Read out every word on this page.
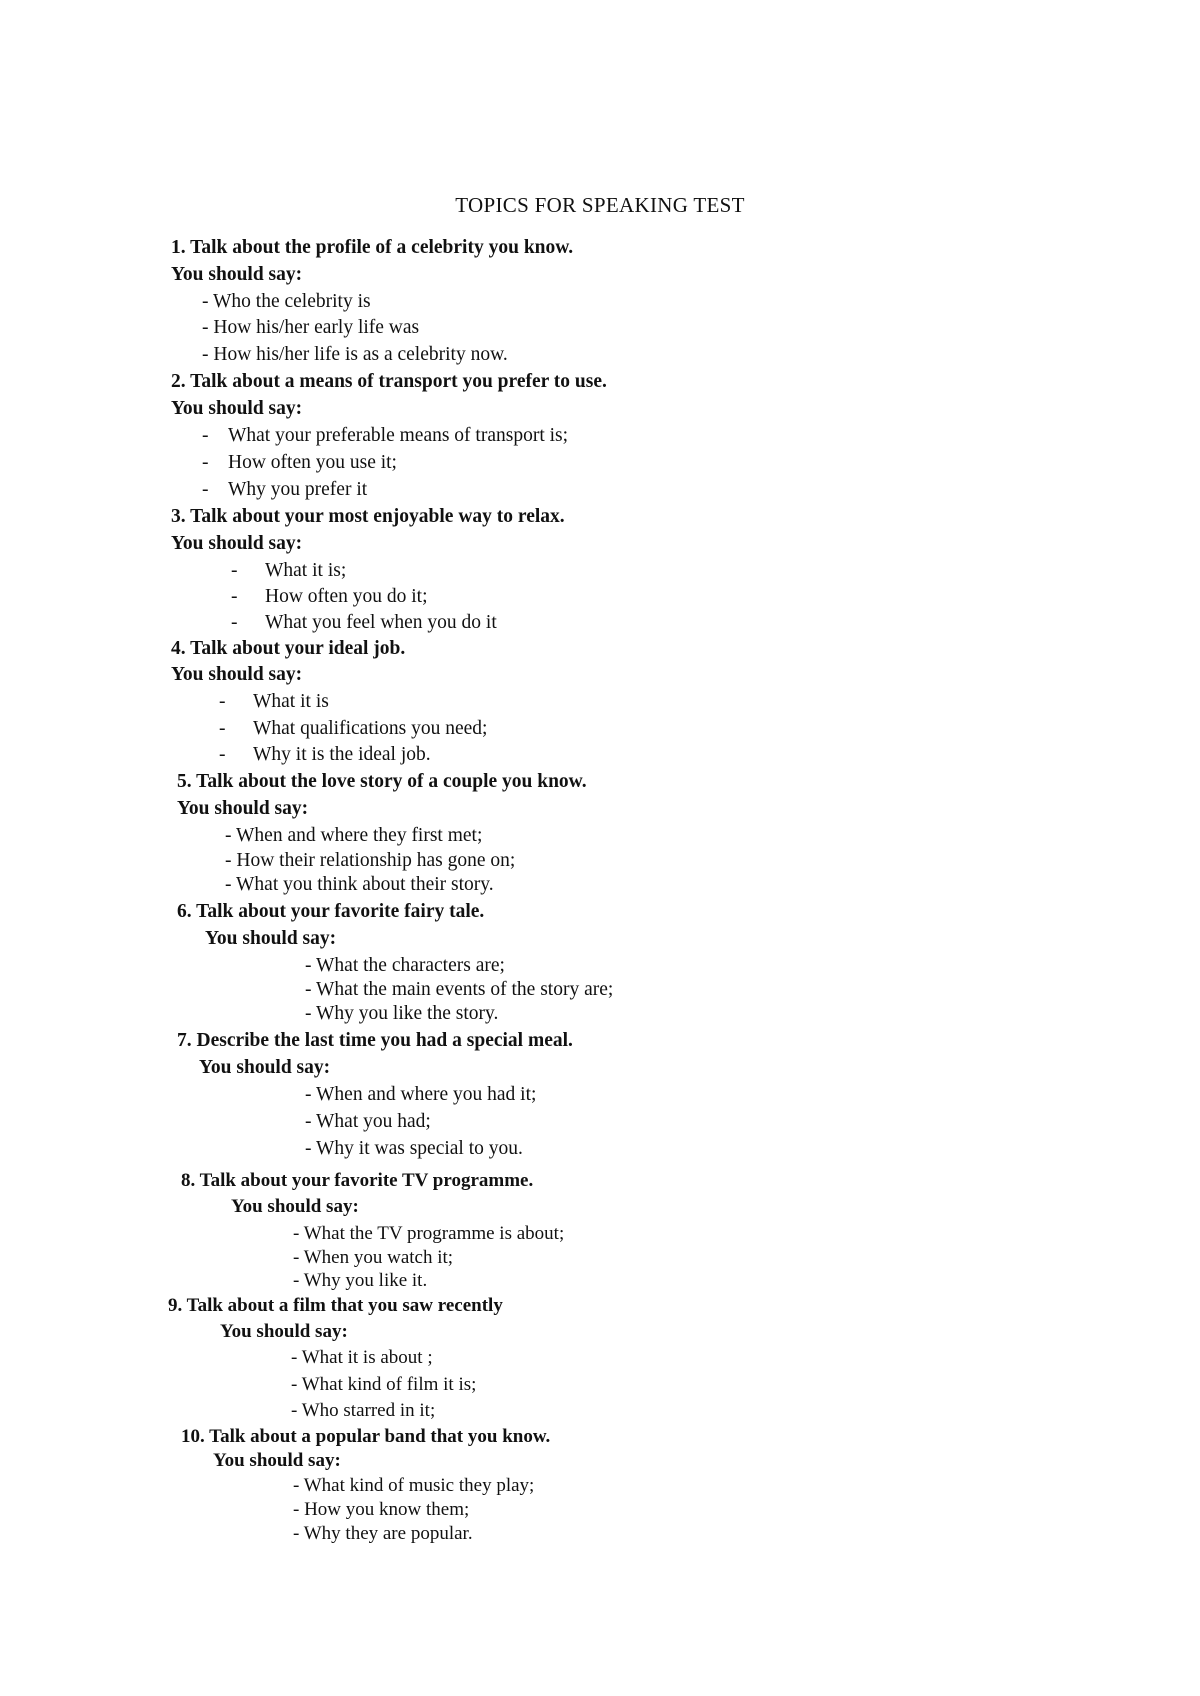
TOPICS FOR SPEAKING TEST
1. Talk about the profile of a celebrity you know.
You should say:
- Who the celebrity is
- How his/her early life was
- How his/her life is as a celebrity now.
2. Talk about a means of transport you prefer to use.
You should say:
- What your preferable means of transport is;
- How often you use it;
- Why you prefer it
3. Talk about your most enjoyable way to relax.
You should say:
- What it is;
- How often you do it;
- What you feel when you do it
4. Talk about your ideal job.
You should say:
- What it is
- What qualifications you need;
- Why it is the ideal job.
5. Talk about the love story of a couple you know.
You should say:
- When and where they first met;
- How their relationship has gone on;
- What you think about their story.
6. Talk about your favorite fairy tale.
You should say:
- What the characters are;
- What the main events of the story are;
- Why you like the story.
7. Describe the last time you had a special meal.
You should say:
- When and where you had it;
- What you had;
- Why it was special to you.
8. Talk about your favorite TV programme.
You should say:
- What the TV programme is about;
- When you watch it;
- Why you like it.
9. Talk about a film that you saw recently
You should say:
- What it is about ;
- What kind of film it is;
- Who starred in it;
10. Talk about a popular band that you know.
You should say:
- What kind of music they play;
- How you know them;
- Why they are popular.
